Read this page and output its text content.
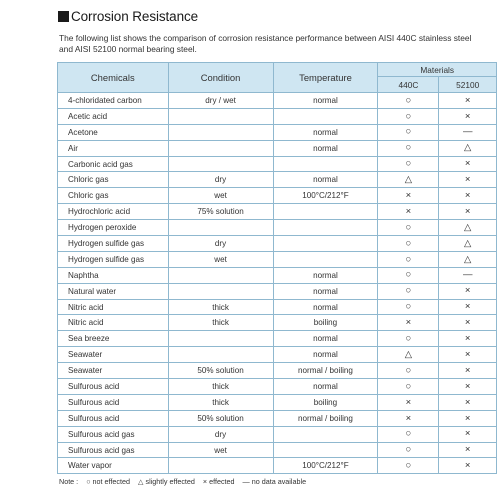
Corrosion Resistance

The following list shows the comparison of corrosion resistance performance between AISI 440C stainless steel and AISI 52100 normal bearing steel.

Chemicals	Condition	Temperature	Materials	
			440C	52100
4-chloridated carbon	dry / wet	normal	○	×
Acetic acid			○	×
Acetone		normal	○	—
Air		normal	○	△
Carbonic acid gas			○	×
Chloric gas	dry	normal	△	×
Chloric gas	wet	100°C/212°F	×	×
Hydrochloric acid	75% solution		×	×
Hydrogen peroxide			○	△
Hydrogen sulfide gas	dry		○	△
Hydrogen sulfide gas	wet		○	△
Naphtha		normal	○	—
Natural water		normal	○	×
Nitric acid	thick	normal	○	×
Nitric acid	thick	boiling	×	×
Sea breeze		normal	○	×
Seawater		normal	△	×
Seawater	50% solution	normal / boiling	○	×
Sulfurous acid	thick	normal	○	×
Sulfurous acid	thick	boiling	×	×
Sulfurous acid	50% solution	normal / boiling	×	×
Sulfurous acid gas	dry		○	×
Sulfurous acid gas	wet		○	×
Water vapor		100°C/212°F	○	×
Note : ○ not effected △ slightly effected × effected — no data available
